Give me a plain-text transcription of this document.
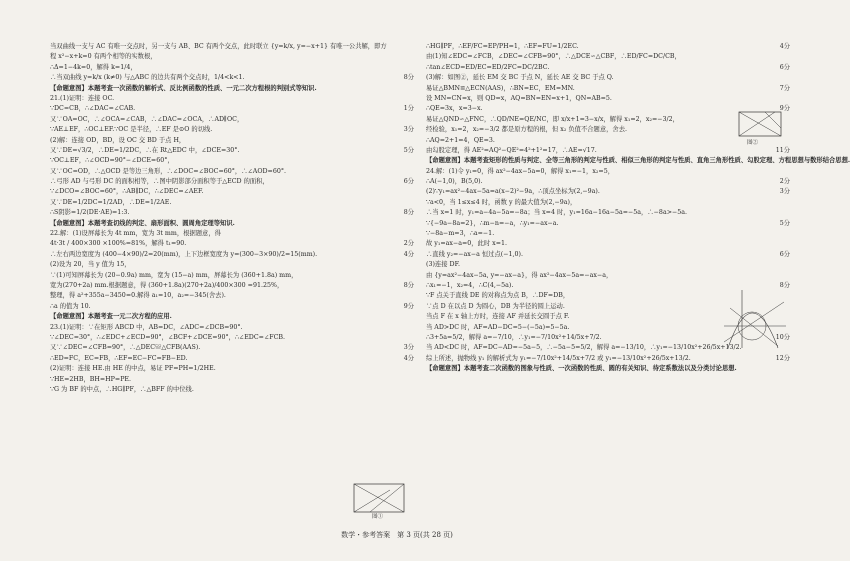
当双曲线一支与 AC 有唯一交点时，另一支与 AB、BC 有两个交点，此时联立 {y=k/x, y=−x+1} 有唯一公共解，即方
程 x²−x+k=0 有两个相等的实数根，
∴Δ=1−4k=0，解得 k=1/4，
∴当双曲线 y=k/x (k≠0) 与△ABC 的边共有两个交点时，1/4<k<1.	8分
【命题意图】本题考查一次函数的解析式、反比例函数的性质、一元二次方程根的判别式等知识.
21.(1)证明：连接 OC.
∵DC=CB，∴∠DAC=∠CAB.	1分
又∵OA=OC，∴∠OCA=∠CAB，∴∠DAC=∠OCA，∴AD∥OC，
∵AE⊥EF，∴OC⊥EF.∵OC 是半径，∴EF 是⊙O 的切线.	3分
(2)解：连接 OD，BD，设 OC 交 BD 于点 H，
又∵DE=√3/2，∴DE=1/2DC，∴在 Rt△EDC 中，∠DCE=30°.	5分
∵OC⊥EF，∴∠OCD=90°−∠DCE=60°，
又∵OC=OD，∴△OCD 是等边三角形，∴∠DOC=∠BOC=60°，∴∠AOD=60°.
∴弓形 AD 与弓形 DC 的面积相等，∴图中阴影部分面积等于△ECD 的面积，	6分
∵∠DCO=∠BOC=60°，∴AB∥DC，∴∠DEC=∠AEF.
又∵DE=1/2DC=1/2AD，∴DE=1/2AE.
∴S阴影=1/2(DE·AE)=1:3.	8分
【命题意图】本题考查切线的判定、扇形面积、圆周角定理等知识.
22.解：(1)设屏幕长为 4t mm，宽为 3t mm，根据题意，得
4t·3t / 400×300 ×100%=81%，解得 t₁=90.	2分
∴左右两边宽度为 (400−4×90)/2=20(mm)，上下边框宽度为 y=(300−3×90)/2=15(mm).	4分
(2)设为 20，当 y 值为 15，
∵(1)可知屏幕长为 (20−0.9a) mm，宽为 (15−a) mm，屏幕长为 (360+1.8a) mm，
宽为(270+2a) mm.根据题意，得 (360+1.8a)(270+2a)/400×300 =91.25%，	8分
整理，得 a²+355a−3450=0.解得 a₁=10，a₂=−345(舍去).
∴a 的值为 10.	9分
【命题意图】本题考查一元二次方程的应用.
23.(1)证明：∵在矩形 ABCD 中，AB=DC，∠ADC=∠DCB=90°.
∵∠DEC=30°，∴∠EDC+∠ECD=90°，∠BCF+∠DCE=90°，∴∠EDC=∠FCB.
又∵∠DEC=∠CFB=90°，∴△DEC≌△CFB(AAS).	3分
∴ED=FC，EC=FB，∴EF=EC−FC=FB−ED.	4分
(2)证明：连接 HE.由 HE 的中点，易证 PF=PH=1/2HE.
∵HE=2HB，BH=HP=PE.
∵G 为 BF 的中点，∴HG∥PF，∴△BFF 的中位线.
∴HG∥PF，∴EF/FC=EP/PH=1，∴EF=FU=1/2EC.	4分
由(1)知∠EDC=∠FCB，∠DEC=∠CFB=90°，∴△DCE∽△CBF，∴ED/FC=DC/CB，
∴tan∠ECD=ED/EC=ED/2FC=DC/2BC.	6分
(3)解：如图②，延长 EM 交 BC 于点 N，延长 AE 交 BC 于点 Q.
易证△BMN≌△ECN(AAS)，∴BN=EC，EM=MN.	7分
设 MN=CN=x，则 QD=x，AQ=BN=EN=x+1，QN=AB=5.
∴QE=3x，x=3−x.	9分
易证△QND∽△FNC，∴QD/NE=QE/NC，即 x/x+1=3−x/x，解得 x₁=2，x₂=−3/2，
经检验，x₁=2，x₂=−3/2 都是原方程的根，但 x₂ 负值不合题意，舍去.
∴AQ=2+1=4，QE=3.
由勾股定理，得 AE²=AQ²−QE²=4²+1²=17，∴AE=√17.	11分
【命题意图】本题考查矩形的性质与判定、全等三角形的判定与性质、相似三角形的判定与性质、直角三角形性质、勾股定理、方程思想与数形结合思想.
24.解：(1)令 y₁=0，得 ax²−4ax−5a=0，解得 x₁=−1，x₂=5，
∴A(−1,0)，B(5,0).	2分
(2)∵y₁=ax²−4ax−5a=a(x−2)²−9a，∴顶点坐标为(2,−9a).	3分
∵a<0，当 1≤x≤4 时，函数 y 的最大值为(2,−9a)，
∴当 x=1 时，y₁=a−4a−5a=−8a；当 x=4 时，y₁=16a−16a−5a=−5a，∴−8a>−5a.
∵{−9a−8a=2}，∴m−n=−a，∴y₁=−ax−a.	5分
∵−8a−m=3，∴a=−1.
故 y₁=ax−a=0，此时 x=1.
∴直线 y₂=−ax−a 恒过点(−1,0).	6分
(3)连接 DF.
由 {y=ax²−4ax−5a, y=−ax−a}，得 ax²−4ax−5a=−ax−a，
∴x₁=−1，x₂=4，∴C(4,−5a).	8分
∵F 点关于直线 DE 的对称点为点 B，∴DF=DB，
∵点 D 在以点 D 为圆心，DB 为半径的圆上运动.
当点 F 在 x 轴上方时，连接 AF 并延长交圆于点 F.
当 AD>DC 时，AF=AD−DC=5−(−5a)=5−5a.
∴3+5a=5/2，解得 a=−7/10，∴y₁=−7/10x²+14/5x+7/2.	10分
当 AD<DC 时，AF=DC−AD=−5a−5，∴−5a−5=5/2，解得 a=−13/10，∴y₁=−13/10x²+26/5x+13/2.
综上所述，抛物线 y₁ 的解析式为 y₁=−7/10x²+14/5x+7/2 或 y₁=−13/10x²+26/5x+13/2.	12分
【命题意图】本题考查二次函数的图象与性质、一次函数的性质、圆的有关知识、待定系数法以及分类讨论思想.
图①
图②
数学・参考答案　第 3 页(共 28 页)
